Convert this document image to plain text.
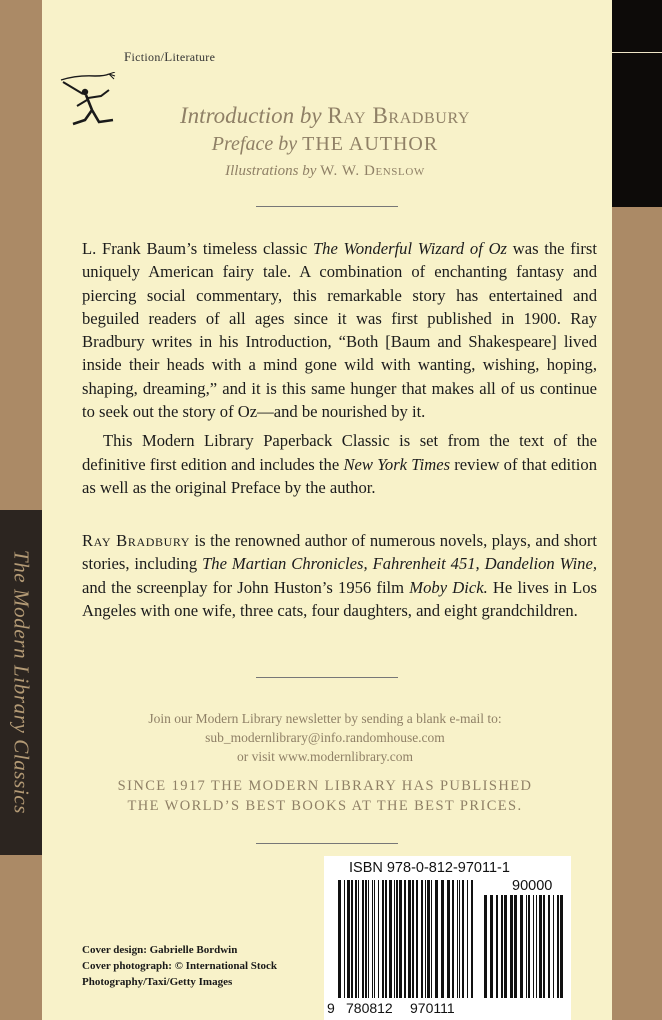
The Modern Library Classics
Fiction/Literature
Introduction by Ray Bradbury
Preface by THE AUTHOR
Illustrations by W. W. Denslow

L. Frank Baum’s timeless classic The Wonderful Wizard of Oz was the first uniquely American fairy tale. A combination of enchanting fantasy and piercing social commentary, this remarkable story has entertained and beguiled readers of all ages since it was first published in 1900. Ray Bradbury writes in his Introduction, “Both [Baum and Shakespeare] lived inside their heads with a mind gone wild with wanting, wishing, hoping, shaping, dreaming,” and it is this same hunger that makes all of us continue to seek out the story of Oz—and be nourished by it.

This Modern Library Paperback Classic is set from the text of the definitive first edition and includes the New York Times review of that edition as well as the original Preface by the author.

Ray Bradbury is the renowned author of numerous novels, plays, and short stories, including The Martian Chronicles, Fahrenheit 451, Dandelion Wine, and the screenplay for John Huston’s 1956 film Moby Dick. He lives in Los Angeles with one wife, three cats, four daughters, and eight grandchildren.

Join our Modern Library newsletter by sending a blank e-mail to:
sub_modernlibrary@info.randomhouse.com
or visit www.modernlibrary.com
SINCE 1917 THE MODERN LIBRARY HAS PUBLISHED
THE WORLD’S BEST BOOKS AT THE BEST PRICES.
Cover design: Gabrielle Bordwin
Cover photograph: © International Stock
Photography/Taxi/Getty Images
ISBN 978-0-812-97011-1
90000
9 780812 970111
